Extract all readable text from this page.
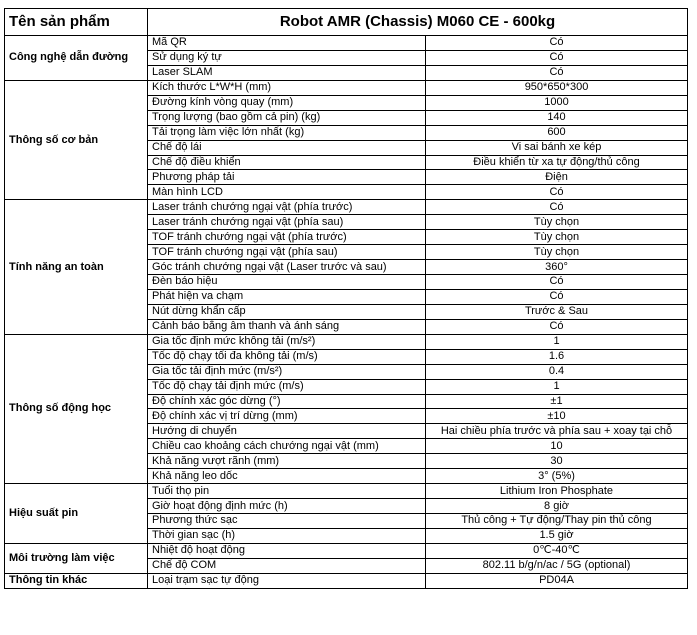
Tên sản phẩm	Robot AMR (Chassis) M060 CE - 600kg	
Công nghệ dẫn đường	Mã QR	Có
	Sử dụng ký tự	Có
	Laser SLAM	Có
Thông số cơ bản	Kích thước L*W*H (mm)	950*650*300
	Đường kính vòng quay (mm)	1000
	Trọng lượng (bao gồm cả pin) (kg)	140
	Tải trọng làm việc lớn nhất (kg)	600
	Chế độ lái	Vi sai bánh xe kép
	Chế độ điều khiển	Điều khiển từ xa tự động/thủ công
	Phương pháp tải	Điện
	Màn hình LCD	Có
Tính năng an toàn	Laser tránh chướng ngại vật (phía trước)	Có
	Laser tránh chướng ngại vật (phía sau)	Tùy chọn
	TOF tránh chướng ngại vật (phía trước)	Tùy chọn
	TOF tránh chướng ngại vật (phía sau)	Tùy chọn
	Góc tránh chướng ngại vật (Laser trước và sau)	360°
	Đèn báo hiệu	Có
	Phát hiện va chạm	Có
	Nút dừng khẩn cấp	Trước & Sau
	Cảnh báo bằng âm thanh và ánh sáng	Có
Thông số động học	Gia tốc định mức không tải (m/s²)	1
	Tốc độ chạy tối đa không tải (m/s)	1.6
	Gia tốc tải định mức (m/s²)	0.4
	Tốc độ chạy tải định mức (m/s)	1
	Độ chính xác góc dừng (°)	±1
	Độ chính xác vị trí dừng (mm)	±10
	Hướng di chuyển	Hai chiều phía trước và phía sau + xoay tại chỗ
	Chiều cao khoảng cách chướng ngại vật (mm)	10
	Khả năng vượt rãnh (mm)	30
	Khả năng leo dốc	3° (5%)
Hiệu suất pin	Tuổi thọ pin	Lithium Iron Phosphate
	Giờ hoạt động định mức (h)	8 giờ
	Phương thức sạc	Thủ công + Tự động/Thay pin thủ công
	Thời gian sạc (h)	1.5 giờ
Môi trường làm việc	Nhiệt độ hoạt động	0℃-40℃
	Chế độ COM	802.11 b/g/n/ac / 5G (optional)
Thông tin khác	Loại trạm sạc tự động	PD04A
